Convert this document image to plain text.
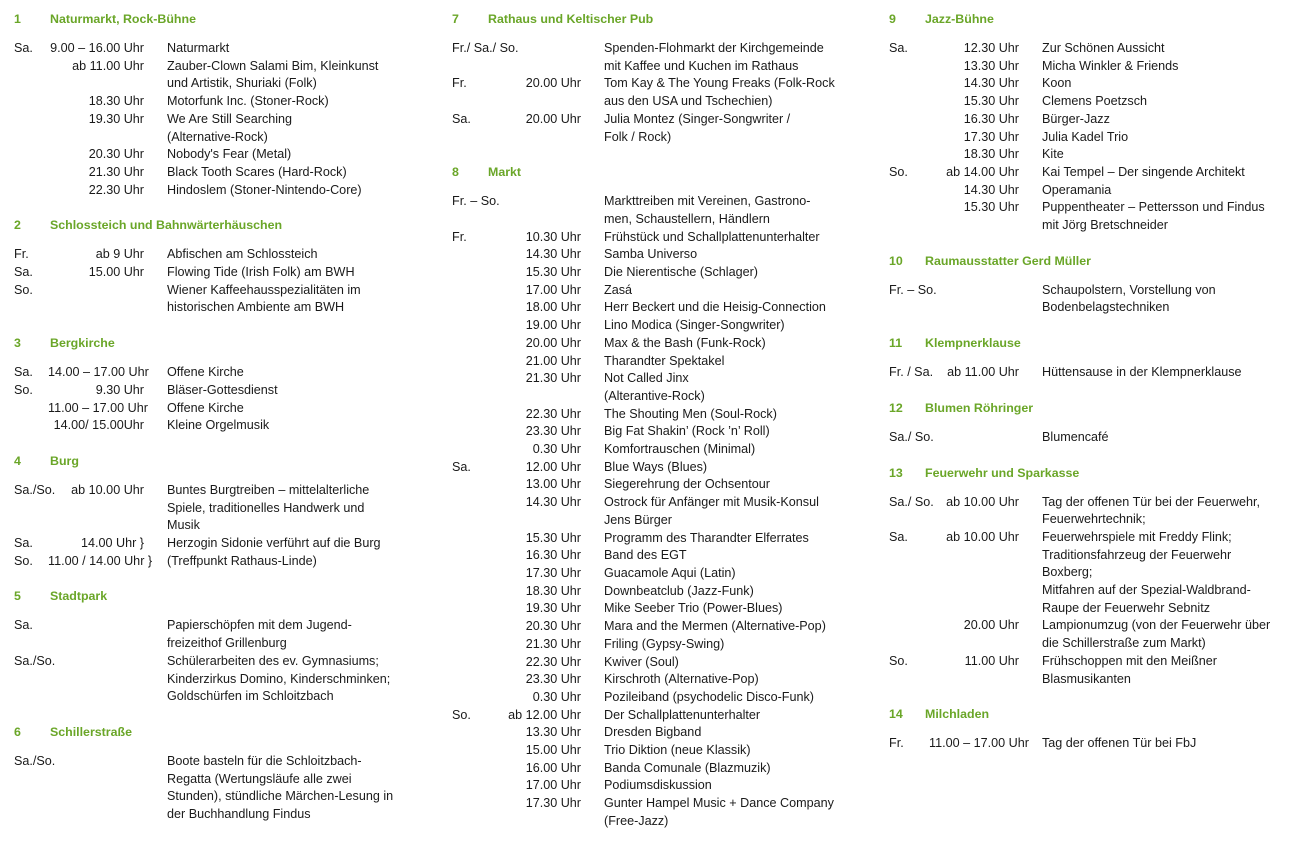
1	Naturmarkt, Rock-Bühne
Sa.	9.00 – 16.00 Uhr	Naturmarkt
ab 11.00 Uhr	Zauber-Clown Salami Bim, Kleinkunst
und Artistik, Shuriaki (Folk)
18.30 Uhr	Motorfunk Inc. (Stoner-Rock)
19.30 Uhr	We Are Still Searching
(Alternative-Rock)
20.30 Uhr	Nobody's Fear (Metal)
21.30 Uhr	Black Tooth Scares (Hard-Rock)
22.30 Uhr	Hindoslem (Stoner-Nintendo-Core)
2	Schlossteich und Bahnwärterhäuschen
Fr.	ab 9 Uhr	Abfischen am Schlossteich
Sa.	15.00 Uhr	Flowing Tide (Irish Folk) am BWH
So.	Wiener Kaffeehausspezialitäten im
historischen Ambiente am BWH
3	Bergkirche
Sa.	14.00 – 17.00 Uhr	Offene Kirche
So.	9.30 Uhr	Bläser-Gottesdienst
11.00 – 17.00 Uhr	Offene Kirche
14.00/ 15.00Uhr	Kleine Orgelmusik
4	Burg
Sa./So.	ab 10.00 Uhr	Buntes Burgtreiben – mittelalterliche
Spiele, traditionelles Handwerk und
Musik
Sa.	14.00 Uhr }	Herzogin Sidonie verführt auf die Burg
So.	11.00 / 14.00 Uhr }	(Treffpunkt Rathaus-Linde)
5	Stadtpark
Sa.	Papierschöpfen mit dem Jugend-
freizeithof Grillenburg
Sa./So.	Schülerarbeiten des ev. Gymnasiums;
Kinderzirkus Domino, Kinderschminken;
Goldschürfen im Schloitzbach
6	Schillerstraße
Sa./So.	Boote basteln für die Schloitzbach-
Regatta (Wertungsläufe alle zwei
Stunden), stündliche Märchen-Lesung in
der Buchhandlung Findus
7	Rathaus und Keltischer Pub
Fr./ Sa./ So.	Spenden-Flohmarkt der Kirchgemeinde
mit Kaffee und Kuchen im Rathaus
Fr.	20.00 Uhr	Tom Kay & The Young Freaks (Folk-Rock
aus den USA und Tschechien)
Sa.	20.00 Uhr	Julia Montez (Singer-Songwriter /
Folk / Rock)
8	Markt
Fr. – So.	Markttreiben mit Vereinen, Gastrono-
men, Schaustellern, Händlern
Fr.	10.30 Uhr	Frühstück und Schallplattenunterhalter
14.30 Uhr	Samba Universo
15.30 Uhr	Die Nierentische (Schlager)
17.00 Uhr	Zasá
18.00 Uhr	Herr Beckert und die Heisig-Connection
19.00 Uhr	Lino Modica (Singer-Songwriter)
20.00 Uhr	Max & the Bash (Funk-Rock)
21.00 Uhr	Tharandter Spektakel
21.30 Uhr	Not Called Jinx
(Alterantive-Rock)
22.30 Uhr	The Shouting Men (Soul-Rock)
23.30 Uhr	Big Fat Shakin’ (Rock ’n’ Roll)
0.30 Uhr	Komfortrauschen (Minimal)
Sa.	12.00 Uhr	Blue Ways (Blues)
13.00 Uhr	Siegerehrung der Ochsentour
14.30 Uhr	Ostrock für Anfänger mit Musik-Konsul
Jens Bürger
15.30 Uhr	Programm des Tharandter Elferrates
16.30 Uhr	Band des EGT
17.30 Uhr	Guacamole Aqui (Latin)
18.30 Uhr	Downbeatclub (Jazz-Funk)
19.30 Uhr	Mike Seeber Trio (Power-Blues)
20.30 Uhr	Mara and the Mermen (Alternative-Pop)
21.30 Uhr	Friling (Gypsy-Swing)
22.30 Uhr	Kwiver (Soul)
23.30 Uhr	Kirschroth (Alternative-Pop)
0.30 Uhr	Pozileiband (psychodelic Disco-Funk)
So.	ab 12.00 Uhr	Der Schallplattenunterhalter
13.30 Uhr	Dresden Bigband
15.00 Uhr	Trio Diktion (neue Klassik)
16.00 Uhr	Banda Comunale (Blazmuzik)
17.00 Uhr	Podiumsdiskussion
17.30 Uhr	Gunter Hampel Music + Dance Company
(Free-Jazz)
9	Jazz-Bühne
Sa.	12.30 Uhr	Zur Schönen Aussicht
13.30 Uhr	Micha Winkler & Friends
14.30 Uhr	Koon
15.30 Uhr	Clemens Poetzsch
16.30 Uhr	Bürger-Jazz
17.30 Uhr	Julia Kadel Trio
18.30 Uhr	Kite
So.	ab 14.00 Uhr	Kai Tempel – Der singende Architekt
14.30 Uhr	Operamania
15.30 Uhr	Puppentheater – Pettersson und Findus
mit Jörg Bretschneider
10	Raumausstatter Gerd Müller
Fr. – So.	Schaupolstern, Vorstellung von
Bodenbelagstechniken
11	Klempnerklause
Fr. / Sa.	ab 11.00 Uhr	Hüttensause in der Klempnerklause
12	Blumen Röhringer
Sa./ So.	Blumencafé
13	Feuerwehr und Sparkasse
Sa./ So. ab 10.00 Uhr	Tag der offenen Tür bei der Feuerwehr,
Feuerwehrtechnik;
Sa.	ab 10.00 Uhr	Feuerwehrspiele mit Freddy Flink;
Traditionsfahrzeug der Feuerwehr
Boxberg;
Mitfahren auf der Spezial-Waldbrand-
Raupe der Feuerwehr Sebnitz
20.00 Uhr	Lampionumzug (von der Feuerwehr über
die Schillerstraße zum Markt)
So.	11.00 Uhr	Frühschoppen mit den Meißner
Blasmusikanten
14	Milchladen
Fr.	11.00 – 17.00 Uhr	Tag der offenen Tür bei FbJ
